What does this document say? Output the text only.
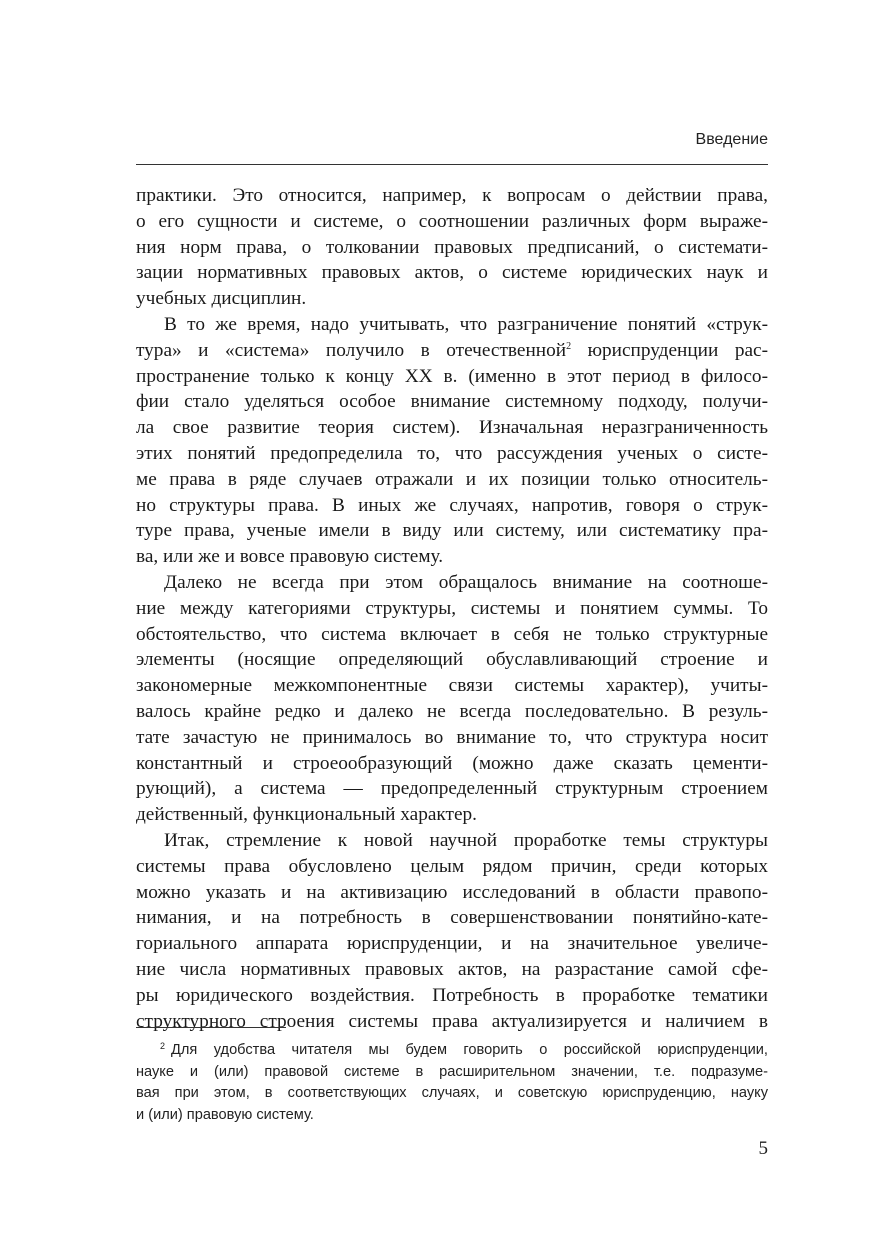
Введение
практики. Это относится, например, к вопросам о действии права,
о его сущности и системе, о соотношении различных форм выраже-
ния норм права, о толковании правовых предписаний, о системати-
зации нормативных правовых актов, о системе юридических наук и
учебных дисциплин.
В то же время, надо учитывать, что разграничение понятий «струк-
тура» и «система» получило в отечественной$^2$ юриспруденции рас-
пространение только к концу XX в. (именно в этот период в филосо-
фии стало уделяться особое внимание системному подходу, получи-
ла свое развитие теория систем). Изначальная неразграниченность
этих понятий предопределила то, что рассуждения ученых о систе-
ме права в ряде случаев отражали и их позиции только относитель-
но структуры права. В иных же случаях, напротив, говоря о струк-
туре права, ученые имели в виду или систему, или систематику пра-
ва, или же и вовсе правовую систему.
Далеко не всегда при этом обращалось внимание на соотноше-
ние между категориями структуры, системы и понятием суммы. То
обстоятельство, что система включает в себя не только структурные
элементы (носящие определяющий обуславливающий строение и
закономерные межкомпонентные связи системы характер), учиты-
валось крайне редко и далеко не всегда последовательно. В резуль-
тате зачастую не принималось во внимание то, что структура носит
константный и строеообразующий (можно даже сказать цементи-
рующий), а система — предопределенный структурным строением
действенный, функциональный характер.
Итак, стремление к новой научной проработке темы структуры
системы права обусловлено целым рядом причин, среди которых
можно указать и на активизацию исследований в области правопо-
нимания, и на потребность в совершенствовании понятийно-кате-
гориального аппарата юриспруденции, и на значительное увеличе-
ние числа нормативных правовых актов, на разрастание самой сфе-
ры юридического воздействия. Потребность в проработке тематики
структурного строения системы права актуализируется и наличием в
$^2$ Для удобства читателя мы будем говорить о российской юриспруденции,
науке и (или) правовой системе в расширительном значении, т.е. подразуме-
вая при этом, в соответствующих случаях, и советскую юриспруденцию, науку
и (или) правовую систему.
5
